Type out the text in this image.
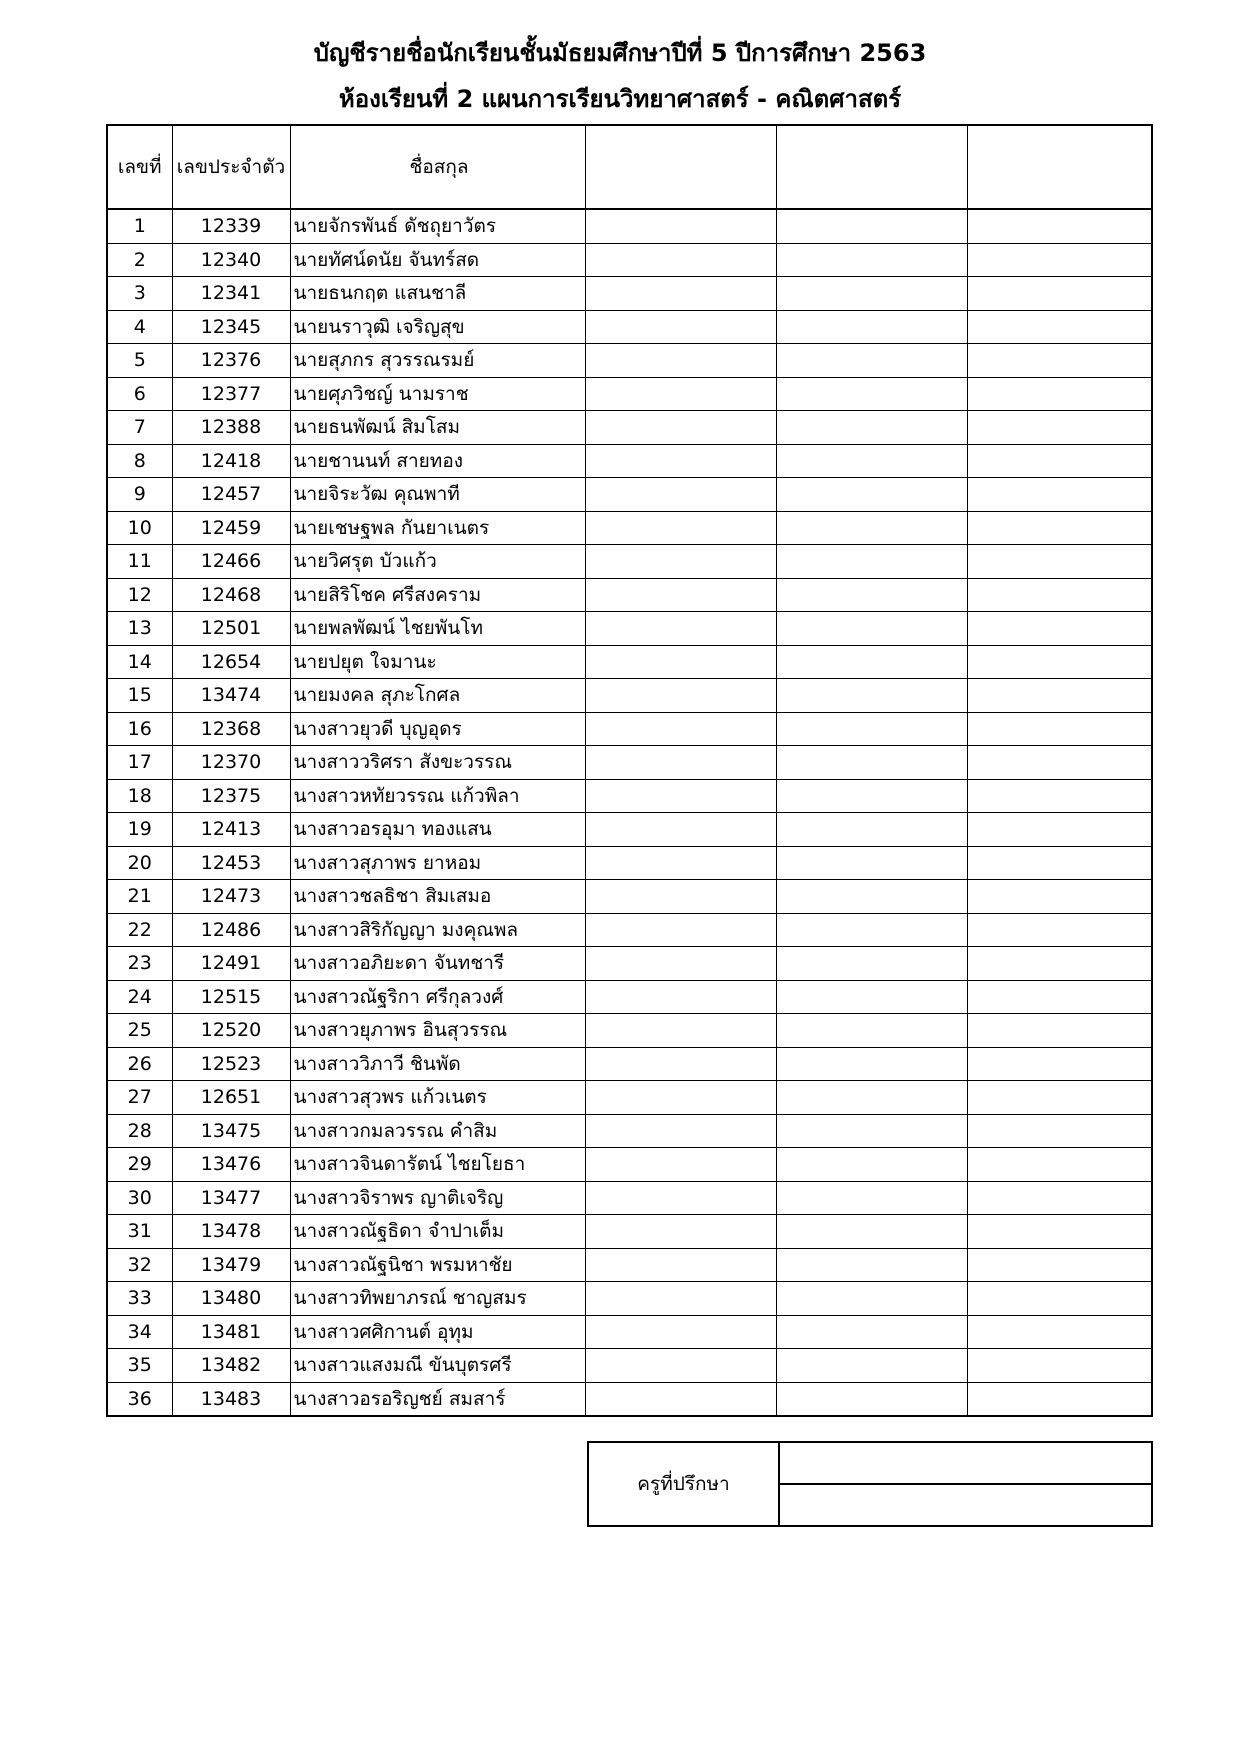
บัญชีรายชื่อนักเรียนชั้นมัธยมศึกษาปีที่ 5 ปีการศึกษา 2563
ห้องเรียนที่ 2 แผนการเรียนวิทยาศาสตร์ - คณิตศาสตร์
เลขที่	เลขประจำตัว	ชื่อสกุล			
1	12339	นายจักรพันธ์ ดัชถุยาวัตร			
2	12340	นายทัศน์ดนัย จันทร์สด			
3	12341	นายธนกฤต แสนชาลี			
4	12345	นายนราวุฒิ เจริญสุข			
5	12376	นายสุภกร สุวรรณรมย์			
6	12377	นายศุภวิชญ์ นามราช			
7	12388	นายธนพัฒน์ สิมโสม			
8	12418	นายชานนท์ สายทอง			
9	12457	นายจิระวัฒ คุณพาที			
10	12459	นายเชษฐพล กันยาเนตร			
11	12466	นายวิศรุต บัวแก้ว			
12	12468	นายสิริโชค ศรีสงคราม			
13	12501	นายพลพัฒน์ ไชยพันโท			
14	12654	นายปยุต ใจมานะ			
15	13474	นายมงคล สุภะโกศล			
16	12368	นางสาวยุวดี บุญอุดร			
17	12370	นางสาววริศรา สังขะวรรณ			
18	12375	นางสาวหทัยวรรณ แก้วพิลา			
19	12413	นางสาวอรอุมา ทองแสน			
20	12453	นางสาวสุภาพร ยาหอม			
21	12473	นางสาวชลธิชา สิมเสมอ			
22	12486	นางสาวสิริกัญญา มงคุณพล			
23	12491	นางสาวอภิยะดา จันทชารี			
24	12515	นางสาวณัฐริกา ศรีกุลวงศ์			
25	12520	นางสาวยุภาพร อินสุวรรณ			
26	12523	นางสาววิภาวี ชินพัด			
27	12651	นางสาวสุวพร แก้วเนตร			
28	13475	นางสาวกมลวรรณ คำสิม			
29	13476	นางสาวจินดารัตน์ ไชยโยธา			
30	13477	นางสาวจิราพร ญาติเจริญ			
31	13478	นางสาวณัฐธิดา จำปาเต็ม			
32	13479	นางสาวณัฐนิชา พรมหาชัย			
33	13480	นางสาวทิพยาภรณ์ ชาญสมร			
34	13481	นางสาวศศิกานต์ อุทุม			
35	13482	นางสาวแสงมณี ขันบุตรศรี			
36	13483	นางสาวอรอริญชย์ สมสาร์			
ครูที่ปรึกษา	
